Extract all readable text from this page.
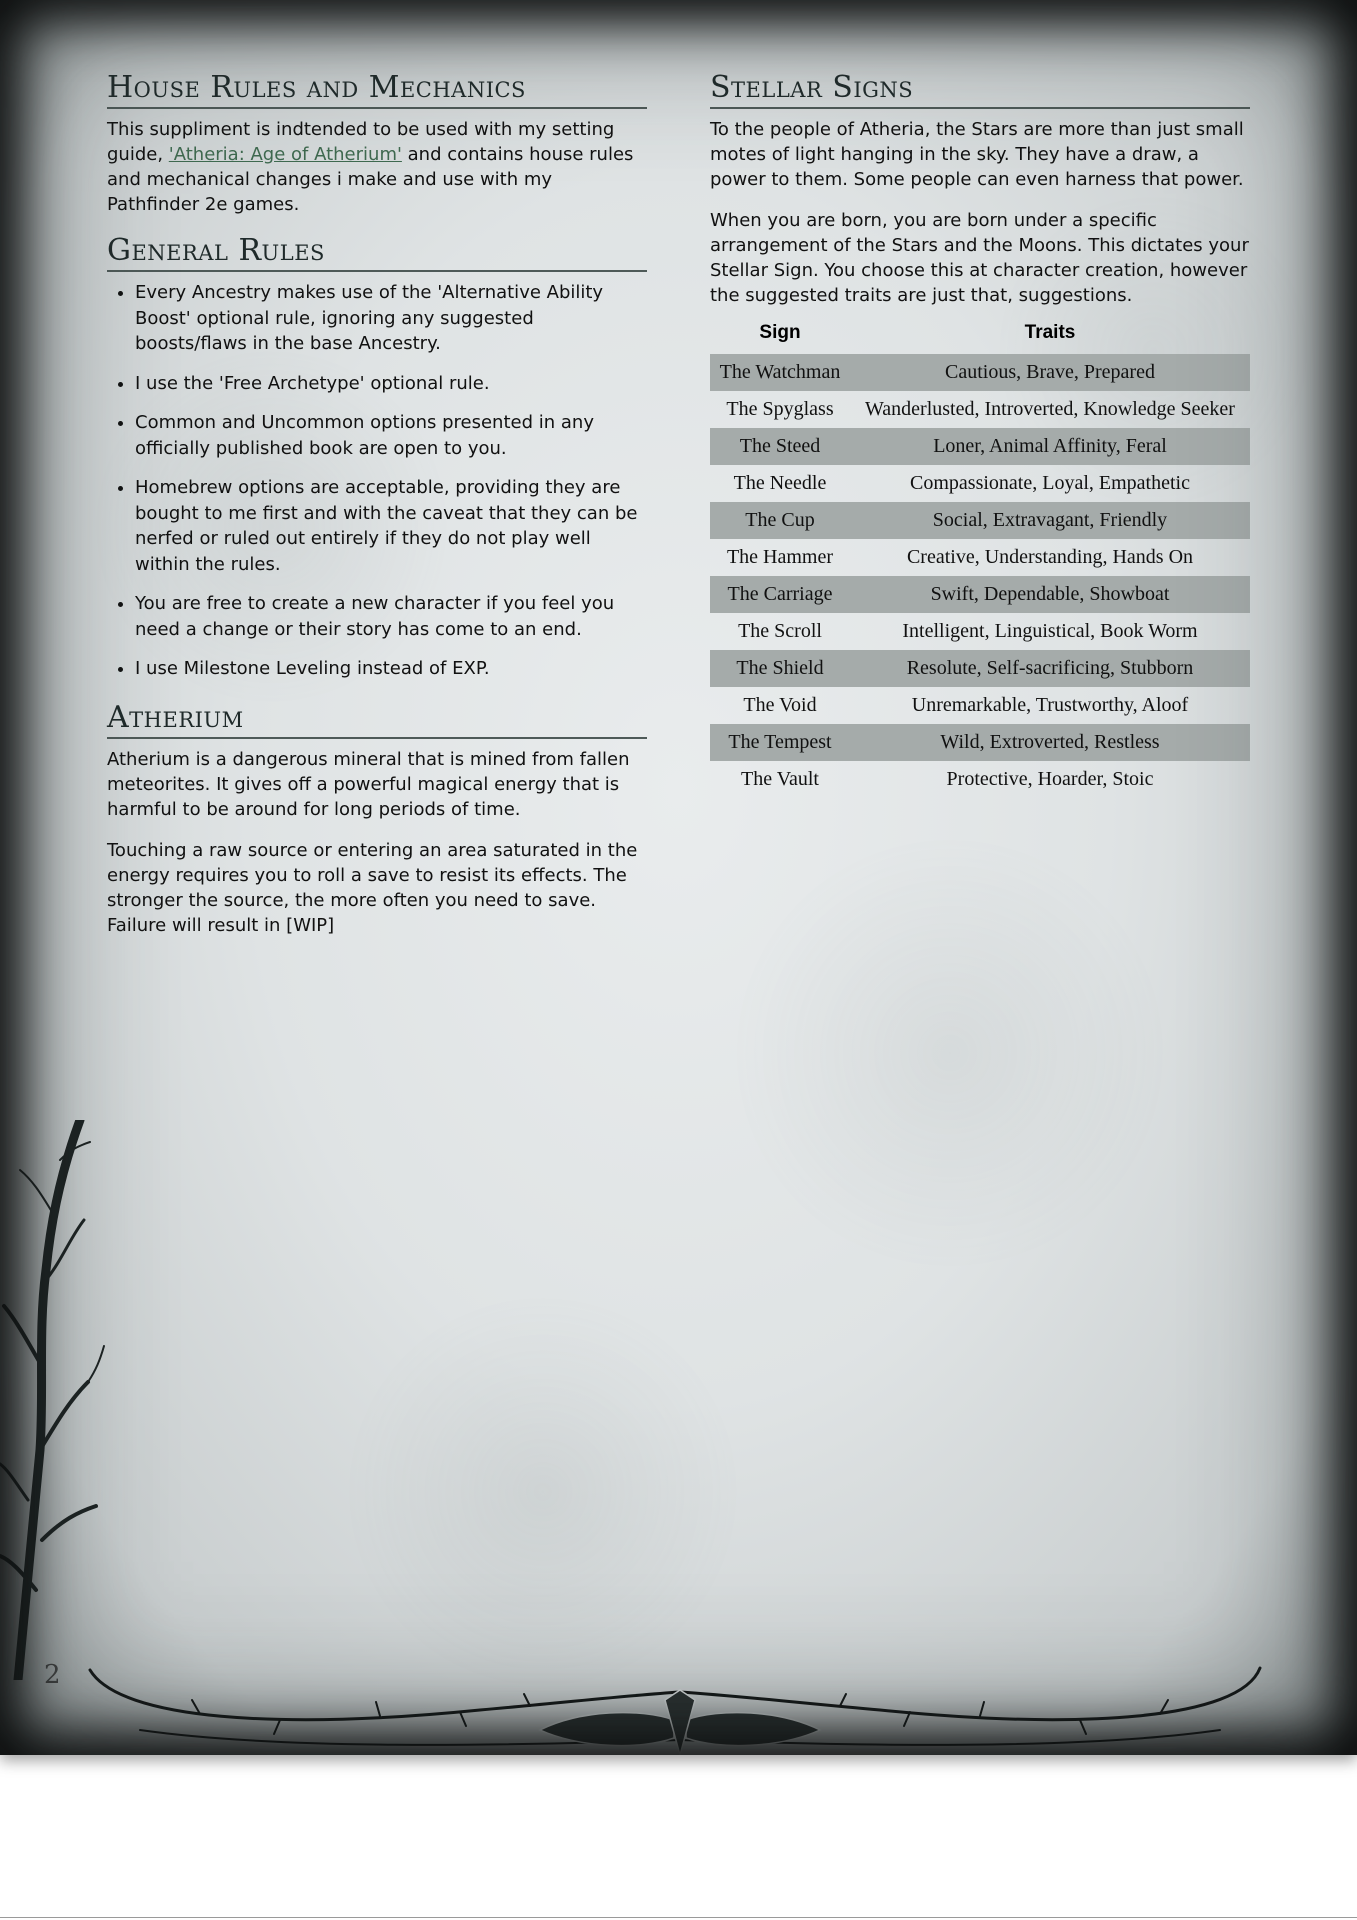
House Rules and Mechanics

This suppliment is indtended to be used with my setting guide, 'Atheria: Age of Atherium' and contains house rules and mechanical changes i make and use with my Pathfinder 2e games.

General Rules
• Every Ancestry makes use of the 'Alternative Ability Boost' optional rule, ignoring any suggested boosts/flaws in the base Ancestry.
• I use the 'Free Archetype' optional rule.
• Common and Uncommon options presented in any officially published book are open to you.
• Homebrew options are acceptable, providing they are bought to me first and with the caveat that they can be nerfed or ruled out entirely if they do not play well within the rules.
• You are free to create a new character if you feel you need a change or their story has come to an end.
• I use Milestone Leveling instead of EXP.
Atherium

Atherium is a dangerous mineral that is mined from fallen meteorites. It gives off a powerful magical energy that is harmful to be around for long periods of time.

Touching a raw source or entering an area saturated in the energy requires you to roll a save to resist its effects. The stronger the source, the more often you need to save. Failure will result in [WIP]

Stellar Signs

To the people of Atheria, the Stars are more than just small motes of light hanging in the sky. They have a draw, a power to them. Some people can even harness that power.

When you are born, you are born under a specific arrangement of the Stars and the Moons. This dictates your Stellar Sign. You choose this at character creation, however the suggested traits are just that, suggestions.

Sign	Traits
The Watchman	Cautious, Brave, Prepared
The Spyglass	Wanderlusted, Introverted, Knowledge Seeker
The Steed	Loner, Animal Affinity, Feral
The Needle	Compassionate, Loyal, Empathetic
The Cup	Social, Extravagant, Friendly
The Hammer	Creative, Understanding, Hands On
The Carriage	Swift, Dependable, Showboat
The Scroll	Intelligent, Linguistical, Book Worm
The Shield	Resolute, Self-sacrificing, Stubborn
The Void	Unremarkable, Trustworthy, Aloof
The Tempest	Wild, Extroverted, Restless
The Vault	Protective, Hoarder, Stoic
2
